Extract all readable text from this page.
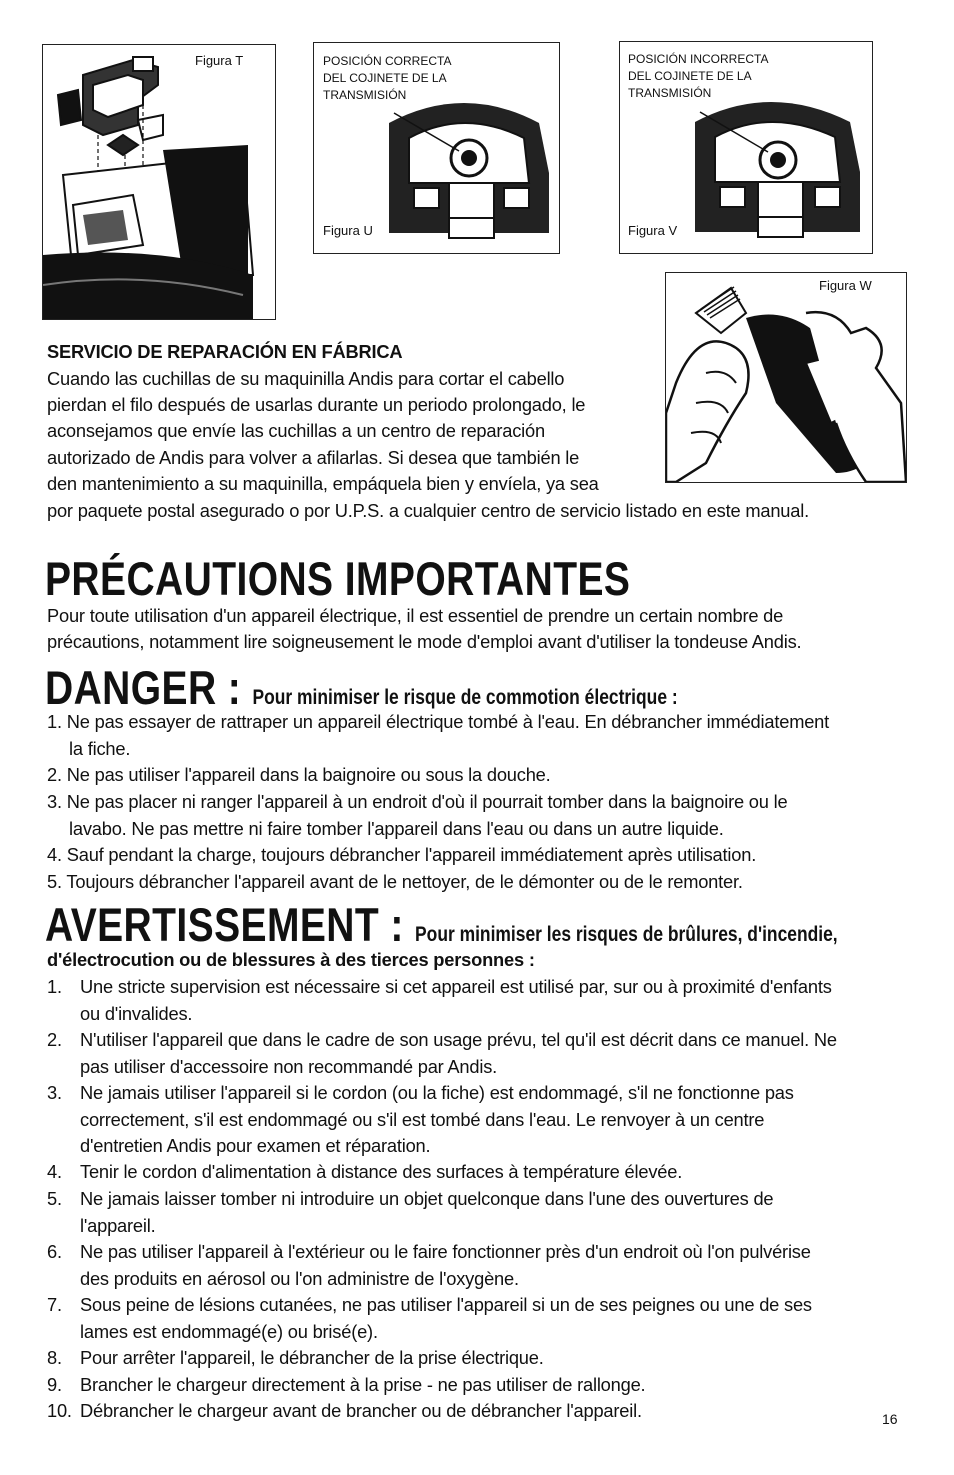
Figura T	POSICIÓN CORRECTA
DEL COJINETE DE LA
TRANSMISIÓN
Figura U
POSICIÓN INCORRECTA
DEL COJINETE DE LA
TRANSMISIÓN
Figura V
Figura W
SERVICIO DE REPARACIÓN EN FÁBRICA
Cuando las cuchillas de su maquinilla Andis para cortar el cabello
pierdan el filo después de usarlas durante un periodo prolongado, le
aconsejamos que envíe las cuchillas a un centro de reparación
autorizado de Andis para volver a afilarlas. Si desea que también le
den mantenimiento a su maquinilla, empáquela bien y envíela, ya sea
por paquete postal asegurado o por U.P.S. a cualquier centro de servicio listado en este manual.
PRÉCAUTIONS IMPORTANTES
Pour toute utilisation d'un appareil électrique, il est essentiel de prendre un certain nombre de
précautions, notamment lire soigneusement le mode d'emploi avant d'utiliser la tondeuse Andis.
DANGER : Pour minimiser le risque de commotion électrique :
1. Ne pas essayer de rattraper un appareil électrique tombé à l'eau. En débrancher immédiatement
la fiche.
2. Ne pas utiliser l'appareil dans la baignoire ou sous la douche.
3. Ne pas placer ni ranger l'appareil à un endroit d'où il pourrait tomber dans la baignoire ou le
lavabo. Ne pas mettre ni faire tomber l'appareil dans l'eau ou dans un autre liquide.
4. Sauf pendant la charge, toujours débrancher l'appareil immédiatement après utilisation.
5. Toujours débrancher l'appareil avant de le nettoyer, de le démonter ou de le remonter.
AVERTISSEMENT : Pour minimiser les risques de brûlures, d'incendie,
d'électrocution ou de blessures à des tierces personnes :
1. Une stricte supervision est nécessaire si cet appareil est utilisé par, sur ou à proximité d'enfants
ou d'invalides.
2. N'utiliser l'appareil que dans le cadre de son usage prévu, tel qu'il est décrit dans ce manuel. Ne
pas utiliser d'accessoire non recommandé par Andis.
3. Ne jamais utiliser l'appareil si le cordon (ou la fiche) est endommagé, s'il ne fonctionne pas
correctement, s'il est endommagé ou s'il est tombé dans l'eau. Le renvoyer à un centre
d'entretien Andis pour examen et réparation.
4. Tenir le cordon d'alimentation à distance des surfaces à température élevée.
5. Ne jamais laisser tomber ni introduire un objet quelconque dans l'une des ouvertures de
l'appareil.
6. Ne pas utiliser l'appareil à l'extérieur ou le faire fonctionner près d'un endroit où l'on pulvérise
des produits en aérosol ou l'on administre de l'oxygène.
7. Sous peine de lésions cutanées, ne pas utiliser l'appareil si un de ses peignes ou une de ses
lames est endommagé(e) ou brisé(e).
8. Pour arrêter l'appareil, le débrancher de la prise électrique.
9. Brancher le chargeur directement à la prise - ne pas utiliser de rallonge.
10. Débrancher le chargeur avant de brancher ou de débrancher l'appareil.	16
